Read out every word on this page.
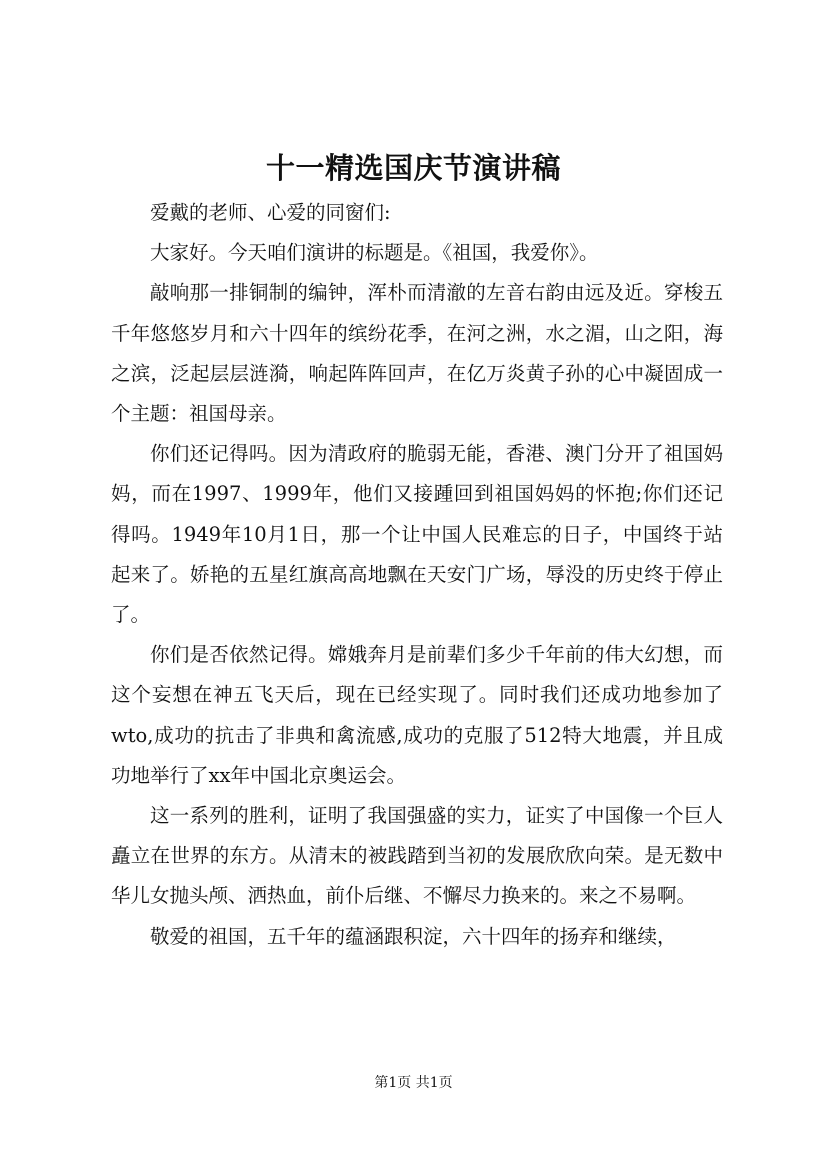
十一精选国庆节演讲稿

爱戴的老师、心爱的同窗们:

大家好。今天咱们演讲的标题是。《祖国，我爱你》。

敲响那一排铜制的编钟，浑朴而清澈的左音右韵由远及近。穿梭五千年悠悠岁月和六十四年的缤纷花季，在河之洲，水之湄，山之阳，海之滨，泛起层层涟漪，响起阵阵回声，在亿万炎黄子孙的心中凝固成一个主题：祖国母亲。

你们还记得吗。因为清政府的脆弱无能，香港、澳门分开了祖国妈妈，而在1997、1999年，他们又接踵回到祖国妈妈的怀抱;你们还记得吗。1949年10月1日，那一个让中国人民难忘的日子，中国终于站起来了。娇艳的五星红旗高高地飘在天安门广场，辱没的历史终于停止了。

你们是否依然记得。嫦娥奔月是前辈们多少千年前的伟大幻想，而这个妄想在神五飞天后，现在已经实现了。同时我们还成功地参加了wto,成功的抗击了非典和禽流感,成功的克服了512特大地震，并且成功地举行了xx年中国北京奥运会。

这一系列的胜利，证明了我国强盛的实力，证实了中国像一个巨人矗立在世界的东方。从清末的被践踏到当初的发展欣欣向荣。是无数中华儿女抛头颅、洒热血，前仆后继、不懈尽力换来的。来之不易啊。

敬爱的祖国，五千年的蕴涵跟积淀，六十四年的扬弃和继续，

第1页 共1页
